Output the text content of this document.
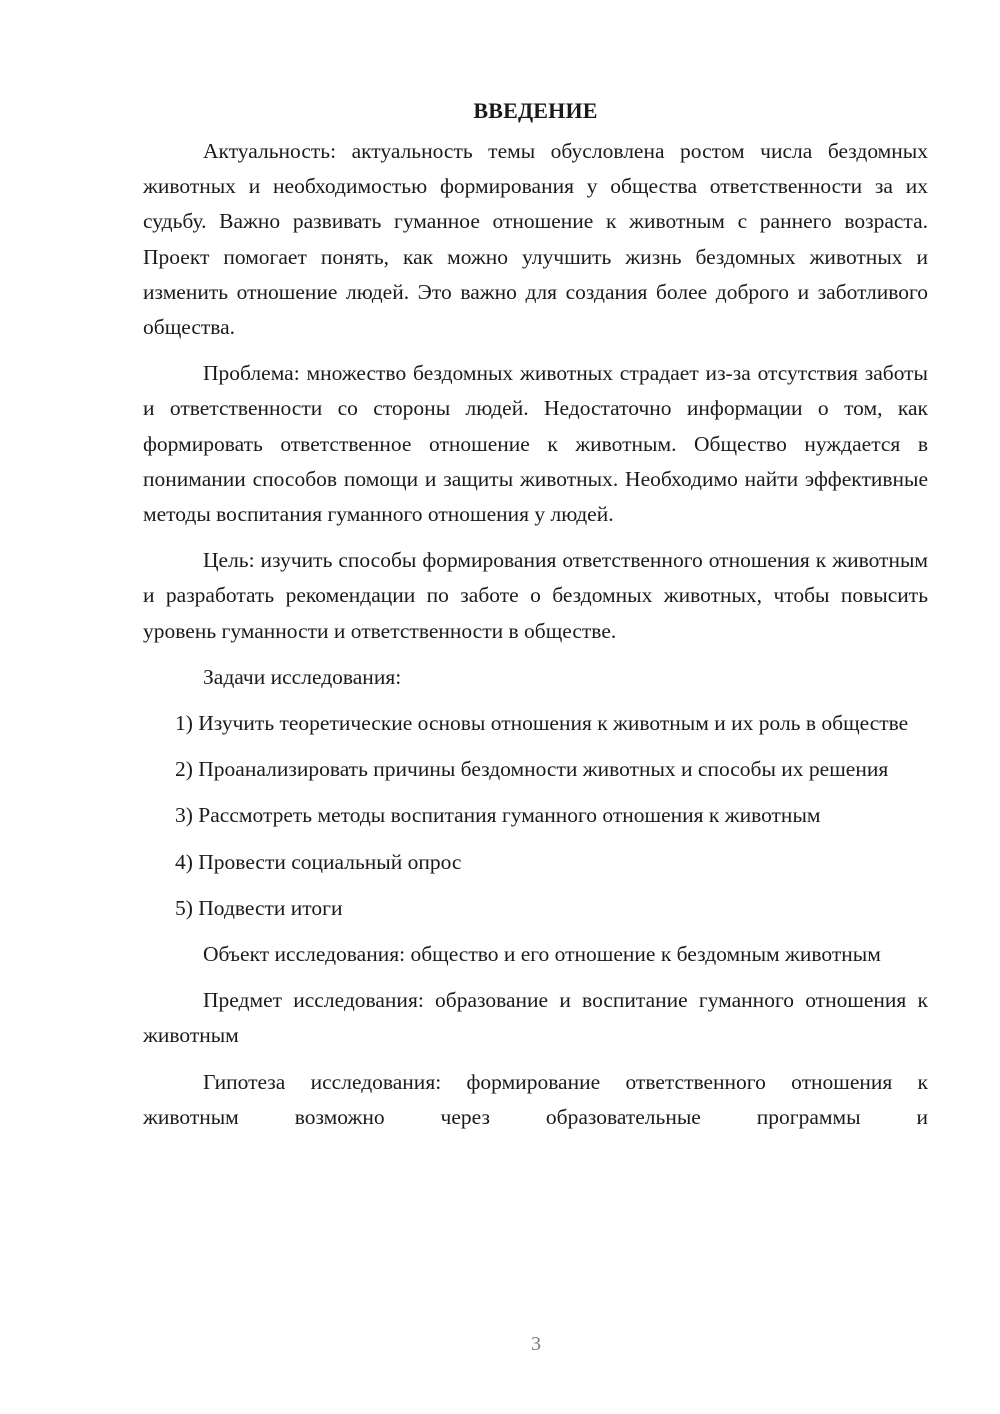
ВВЕДЕНИЕ

Актуальность: актуальность темы обусловлена ростом числа бездомных животных и необходимостью формирования у общества ответственности за их судьбу. Важно развивать гуманное отношение к животным с раннего возраста. Проект помогает понять, как можно улучшить жизнь бездомных животных и изменить отношение людей. Это важно для создания более доброго и заботливого общества.

Проблема: множество бездомных животных страдает из-за отсутствия заботы и ответственности со стороны людей. Недостаточно информации о том, как формировать ответственное отношение к животным. Общество нуждается в понимании способов помощи и защиты животных. Необходимо найти эффективные методы воспитания гуманного отношения у людей.

Цель: изучить способы формирования ответственного отношения к животным и разработать рекомендации по заботе о бездомных животных, чтобы повысить уровень гуманности и ответственности в обществе.

Задачи исследования:

1) Изучить теоретические основы отношения к животным и их роль в обществе

2) Проанализировать причины бездомности животных и способы их решения

3) Рассмотреть методы воспитания гуманного отношения к животным

4) Провести социальный опрос

5) Подвести итоги

Объект исследования: общество и его отношение к бездомным животным

Предмет исследования: образование и воспитание гуманного отношения к животным

Гипотеза исследования: формирование ответственного отношения к животным возможно через образовательные программы и

3
